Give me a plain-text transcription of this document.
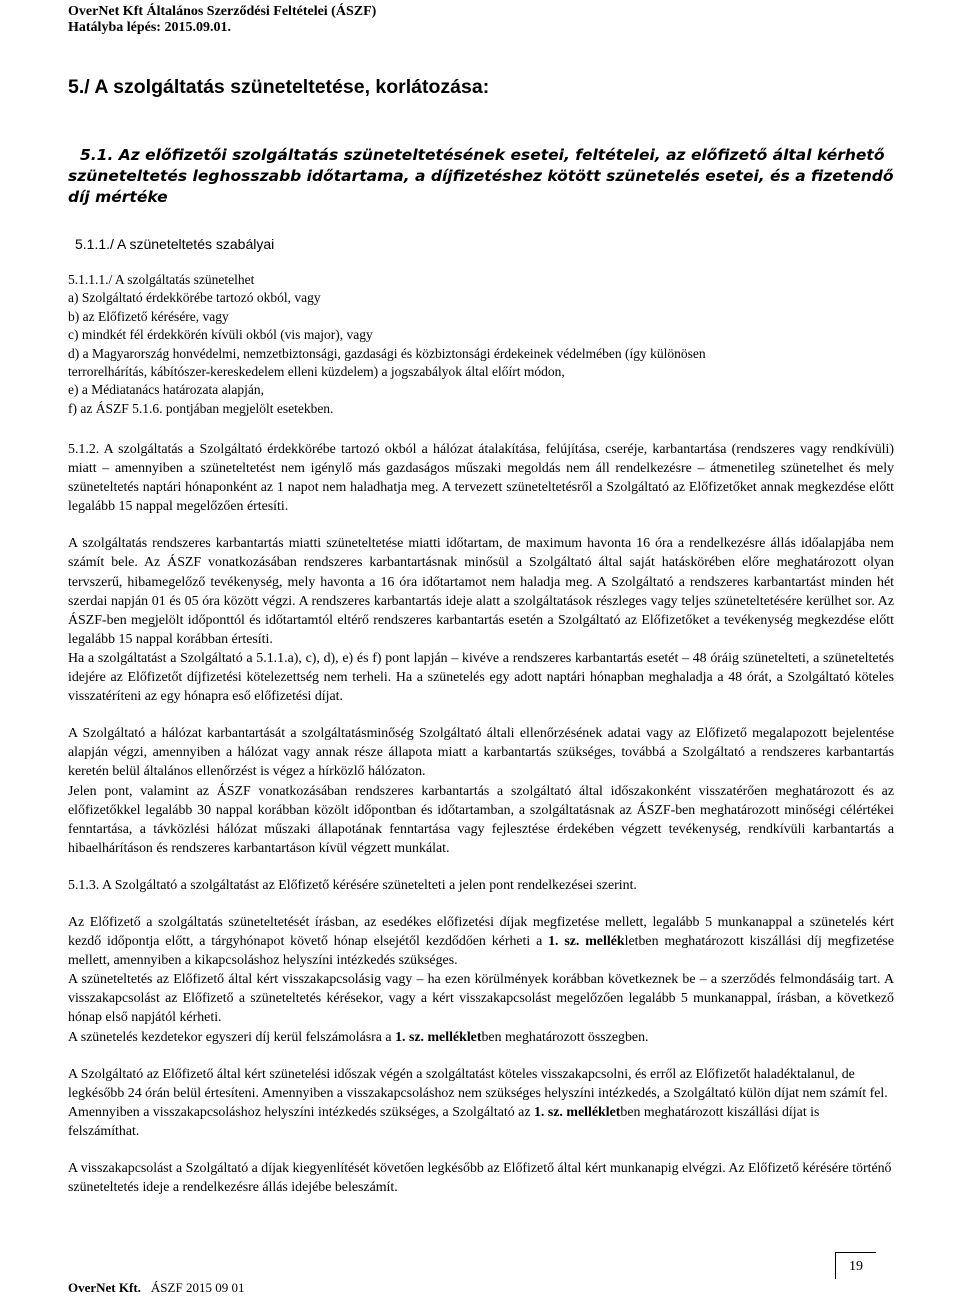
OverNet Kft Általános Szerződési Feltételei (ÁSZF)
Hatályba lépés: 2015.09.01.
5./ A szolgáltatás szüneteltetése, korlátozása:
5.1. Az előfizetői szolgáltatás szüneteltetésének esetei, feltételei, az előfizető által kérhető szüneteltetés leghosszabb időtartama, a díjfizetéshez kötött szünetelés esetei, és a fizetendő díj mértéke
5.1.1./ A szüneteltetés szabályai
5.1.1.1./ A szolgáltatás szünetelhet
a) Szolgáltató érdekkörébe tartozó okból, vagy
b) az Előfizető kérésére, vagy
c) mindkét fél érdekkörén kívüli okból (vis major), vagy
d) a Magyarország honvédelmi, nemzetbiztonsági, gazdasági és közbiztonsági érdekeinek védelmében (így különösen
terrorelhárítás, kábítószer-kereskedelem elleni küzdelem) a jogszabályok által előírt módon,
e) a Médiatanács határozata alapján,
f) az ÁSZF 5.1.6. pontjában megjelölt esetekben.

5.1.2. A szolgáltatás a Szolgáltató érdekkörébe tartozó okból a hálózat átalakítása, felújítása, cseréje, karbantartása (rendszeres vagy rendkívüli) miatt – amennyiben a szüneteltetést nem igénylő más gazdaságos műszaki megoldás nem áll rendelkezésre – átmenetileg szünetelhet és mely szüneteltetés naptári hónaponként az 1 napot nem haladhatja meg. A tervezett szüneteltetésről a Szolgáltató az Előfizetőket annak megkezdése előtt legalább 15 nappal megelőzően értesíti.

A szolgáltatás rendszeres karbantartás miatti szüneteltetése miatti időtartam, de maximum havonta 16 óra a rendelkezésre állás időalapjába nem számít bele. Az ÁSZF vonatkozásában rendszeres karbantartásnak minősül a Szolgáltató által saját hatáskörében előre meghatározott olyan tervszerű, hibamegelőző tevékenység, mely havonta a 16 óra időtartamot nem haladja meg. A Szolgáltató a rendszeres karbantartást minden hét szerdai napján 01 és 05 óra között végzi. A rendszeres karbantartás ideje alatt a szolgáltatások részleges vagy teljes szüneteltetésére kerülhet sor. Az ÁSZF-ben megjelölt időponttól és időtartamtól eltérő rendszeres karbantartás esetén a Szolgáltató az Előfizetőket a tevékenység megkezdése előtt legalább 15 nappal korábban értesíti.

Ha a szolgáltatást a Szolgáltató a 5.1.1.a), c), d), e) és f) pont lapján – kivéve a rendszeres karbantartás esetét – 48 óráig szünetelteti, a szüneteltetés idejére az Előfizetőt díjfizetési kötelezettség nem terheli. Ha a szünetelés egy adott naptári hónapban meghaladja a 48 órát, a Szolgáltató köteles visszatéríteni az egy hónapra eső előfizetési díjat.

A Szolgáltató a hálózat karbantartását a szolgáltatásminőség Szolgáltató általi ellenőrzésének adatai vagy az Előfizető megalapozott bejelentése alapján végzi, amennyiben a hálózat vagy annak része állapota miatt a karbantartás szükséges, továbbá a Szolgáltató a rendszeres karbantartás keretén belül általános ellenőrzést is végez a hírközlő hálózaton.

Jelen pont, valamint az ÁSZF vonatkozásában rendszeres karbantartás a szolgáltató által időszakonként visszatérően meghatározott és az előfizetőkkel legalább 30 nappal korábban közölt időpontban és időtartamban, a szolgáltatásnak az ÁSZF-ben meghatározott minőségi célértékei fenntartása, a távközlési hálózat műszaki állapotának fenntartása vagy fejlesztése érdekében végzett tevékenység, rendkívüli karbantartás a hibaelhárításon és rendszeres karbantartáson kívül végzett munkálat.

5.1.3. A Szolgáltató a szolgáltatást az Előfizető kérésére szünetelteti a jelen pont rendelkezései szerint.

Az Előfizető a szolgáltatás szüneteltetését írásban, az esedékes előfizetési díjak megfizetése mellett, legalább 5 munkanappal a szünetelés kért kezdő időpontja előtt, a tárgyhónapot követő hónap elsejétől kezdődően kérheti a 1. sz. mellékletben meghatározott kiszállási díj megfizetése mellett, amennyiben a kikapcsoláshoz helyszíni intézkedés szükséges.

A szüneteltetés az Előfizető által kért visszakapcsolásig vagy – ha ezen körülmények korábban következnek be – a szerződés felmondásáig tart. A visszakapcsolást az Előfizető a szüneteltetés kérésekor, vagy a kért visszakapcsolást megelőzően legalább 5 munkanappal, írásban, a következő hónap első napjától kérheti.

A szünetelés kezdetekor egyszeri díj kerül felszámolásra a 1. sz. mellékletben meghatározott összegben.

A Szolgáltató az Előfizető által kért szünetelési időszak végén a szolgáltatást köteles visszakapcsolni, és erről az Előfizetőt haladéktalanul, de legkésőbb 24 órán belül értesíteni. Amennyiben a visszakapcsoláshoz nem szükséges helyszíni intézkedés, a Szolgáltató külön díjat nem számít fel. Amennyiben a visszakapcsoláshoz helyszíni intézkedés szükséges, a Szolgáltató az 1. sz. mellékletben meghatározott kiszállási díjat is felszámíthat.

A visszakapcsolást a Szolgáltató a díjak kiegyenlítését követően legkésőbb az Előfizető által kért munkanapig elvégzi. Az Előfizető kérésére történő szüneteltetés ideje a rendelkezésre állás idejébe beleszámít.

19
OverNet Kft. ÁSZF 2015 09 01
